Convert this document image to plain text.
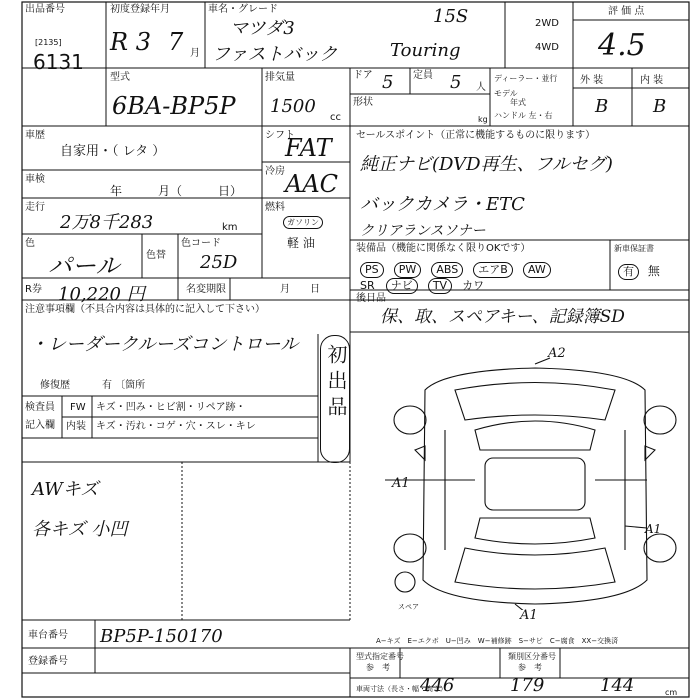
出品番号
[2135]
6131
初度登録年月
R 3 7 月
車名・グレード
マツダ3
15S
ファストバック	Touring
2WD
4WD
評 価 点
4.5
型式
6BA-BP5P
排気量
1500
cc
ドア 5 定員 5 人
形状
kg
ディーラー・並行
モデル
年式
ハンドル 左・右
外 装	内 装
B B
車歴
自家用・（ レタ ）
車検
年　　　月（　　　日）
走行
2万8千283	km
色
パール	色替
色コード
25D
シフト
FAT
冷房 AAC
燃料
ガソリン
軽 油
R券 10,220 円	名変期限	月　　日
セールスポイント（正常に機能するものに限ります）
純正ナビ(DVD再生、フルセグ)
バックカメラ・ETC
クリアランスソナー
装備品（機能に関係なく限りOKです）
PS PW ABS エアB AW
SR ナビ TV カワ
新車保証書
有 無
後日品
保、取、スペアキー、記録簿SD
注意事項欄（不具合内容は具体的に記入して下さい）
・レーダークルーズコントロール
修復歴	有 〔箇所	初出品
検査員
記入欄
FW キズ・凹み・ヒビ割・リペア跡・
内装 キズ・汚れ・コゲ・穴・スレ・キレ
AWキズ
各キズ 小凹
A2
A1
A1
A1
スペア
A−キズ　E−エクボ　U−凹み　W−補修跡　S−サビ　C−腐食　XX−交換済
車台番号 BP5P-150170
登録番号	型式指定番号
参　考
類別区分番号
参　考
車両寸法（長さ・幅・高さ）
446	179	144	cm
